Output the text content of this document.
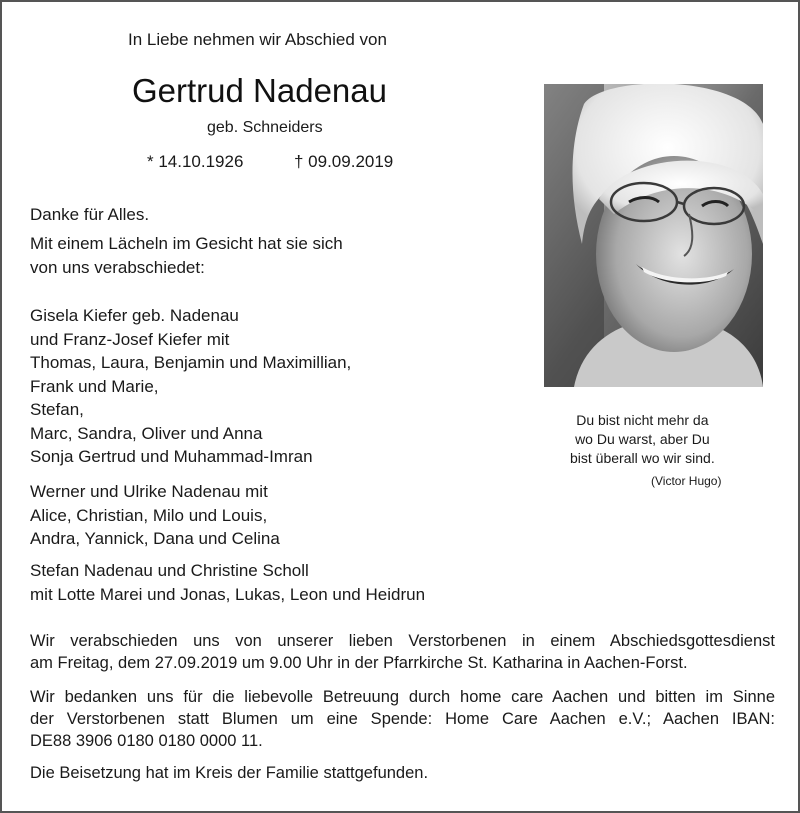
In Liebe nehmen wir Abschied von
Gertrud Nadenau
geb. Schneiders
* 14.10.1926	† 09.09.2019
Danke für Alles.
Mit einem Lächeln im Gesicht hat sie sich
von uns verabschiedet:
Gisela Kiefer geb. Nadenau
und Franz-Josef Kiefer mit
Thomas, Laura, Benjamin und Maximillian,
Frank und Marie,
Stefan,
Marc, Sandra, Oliver und Anna
Sonja Gertrud und Muhammad-Imran
Werner und Ulrike Nadenau mit
Alice, Christian, Milo und Louis,
Andra, Yannick, Dana und Celina
Stefan Nadenau und Christine Scholl
mit Lotte Marei und Jonas, Lukas, Leon und Heidrun
Du bist nicht mehr da
wo Du warst, aber Du
bist überall wo wir sind.
(Victor Hugo)
Wir verabschieden uns von unserer lieben Verstorbenen in einem Abschiedsgottesdienst
am Freitag, dem 27.09.2019 um 9.00 Uhr in der Pfarrkirche St. Katharina in Aachen-Forst.
Wir bedanken uns für die liebevolle Betreuung durch home care Aachen und bitten im Sinne
der Verstorbenen statt Blumen um eine Spende: Home Care Aachen e.V.; Aachen IBAN:
DE88 3906 0180 0180 0000 11.
Die Beisetzung hat im Kreis der Familie stattgefunden.
